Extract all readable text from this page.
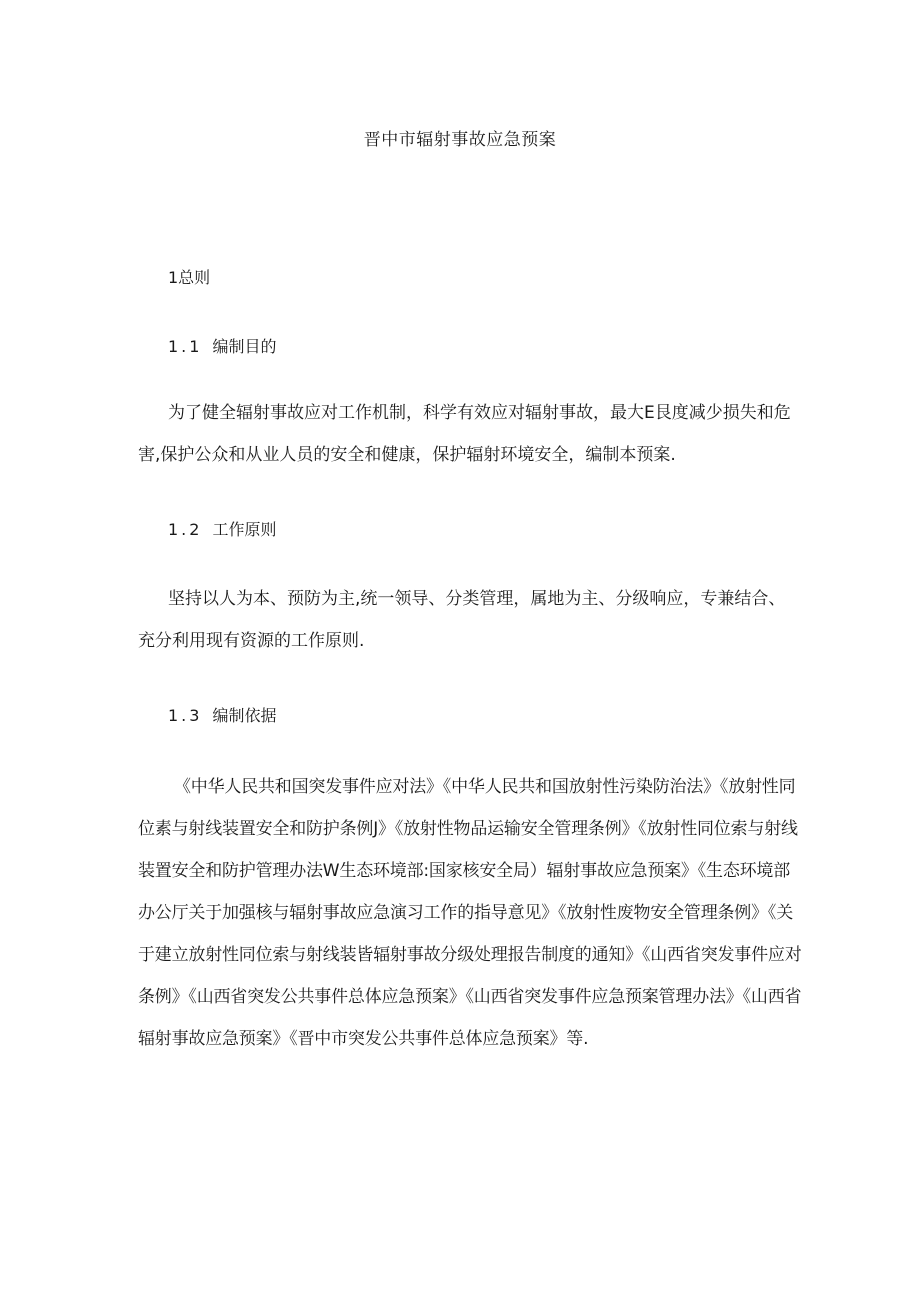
晋中市辐射事故应急预案
1总则
1.1 编制目的
为了健全辐射事故应对工作机制，科学有效应对辐射事故，最大E艮度减少损失和危害,保护公众和从业人员的安全和健康，保护辐射环境安全，编制本预案.
1.2 工作原则
坚持以人为本、预防为主,统一领导、分类管理，属地为主、分级响应，专兼结合、充分利用现有资源的工作原则.
1.3 编制依据
《中华人民共和国突发事件应对法》《中华人民共和国放射性污染防治法》《放射性同位素与射线装置安全和防护条例J》《放射性物品运输安全管理条例》《放射性同位索与射线装置安全和防护管理办法W生态环境部:国家核安全局）辐射事故应急预案》《生态环境部办公厅关于加强核与辐射事故应急演习工作的指导意见》《放射性废物安全管理条例》《关于建立放射性同位索与射线装皆辐射事故分级处理报告制度的通知》《山西省突发事件应对条例》《山西省突发公共事件总体应急预案》《山西省突发事件应急预案管理办法》《山西省辐射事故应急预案》《晋中市突发公共事件总体应急预案》等.
